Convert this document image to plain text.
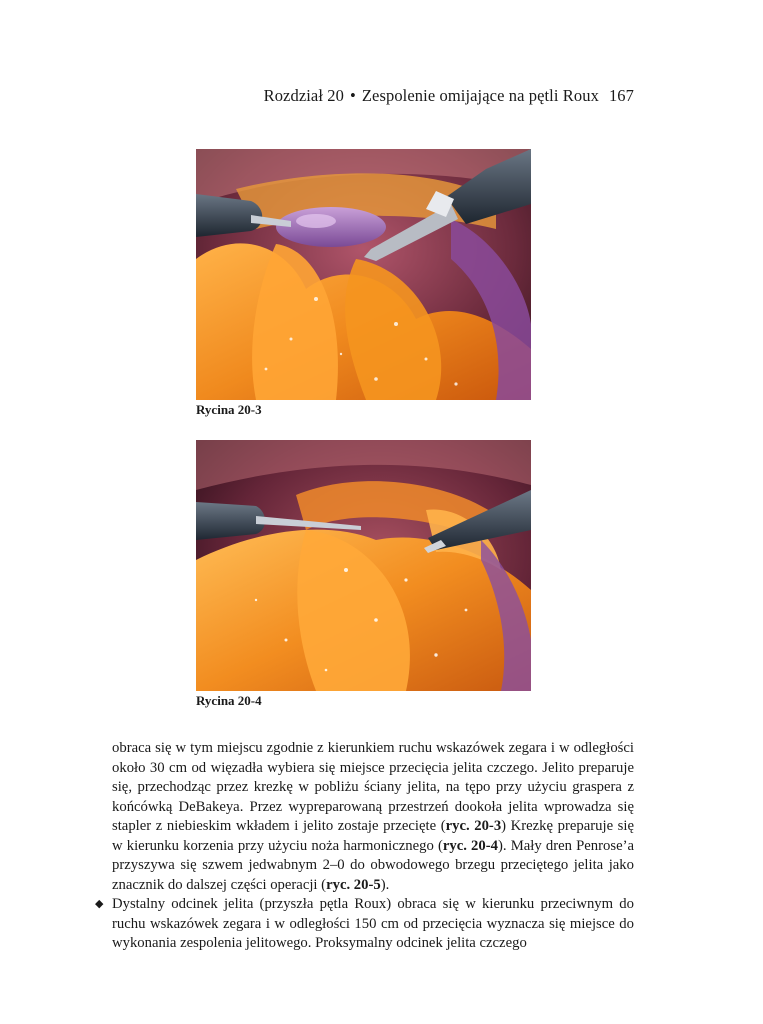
Rozdział 20 • Zespolenie omijające na pętli Roux 167
Rycina 20-3
Rycina 20-4

obraca się w tym miejscu zgodnie z kierunkiem ruchu wskazówek zegara i w odległości około 30 cm od więzadła wybiera się miejsce przecięcia jelita czczego. Jelito preparuje się, przechodząc przez krezkę w pobliżu ściany jelita, na tępo przy użyciu graspera z końcówką DeBakeya. Przez wypreparowaną przestrzeń dookoła jelita wprowadza się stapler z niebieskim wkładem i jelito zostaje przecięte (ryc. 20-3) Krezkę preparuje się w kierunku korzenia przy użyciu noża harmonicznego (ryc. 20-4). Mały dren Penrose’a przyszywa się szwem jedwabnym 2–0 do obwodowego brzegu przeciętego jelita jako znacznik do dalszej części operacji (ryc. 20-5).

◆ Dystalny odcinek jelita (przyszła pętla Roux) obraca się w kierunku przeciwnym do ruchu wskazówek zegara i w odległości 150 cm od przecięcia wyznacza się miejsce do wykonania zespolenia jelitowego. Proksymalny odcinek jelita czczego
